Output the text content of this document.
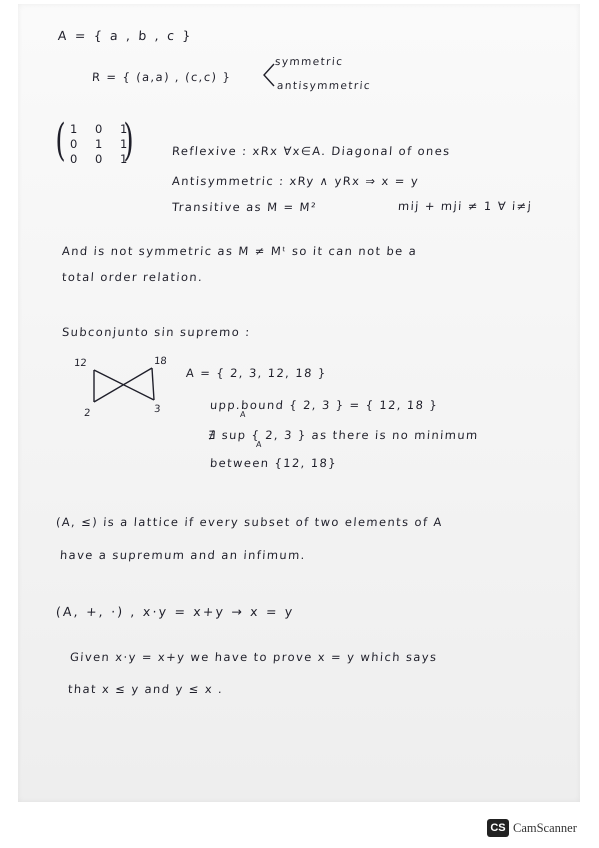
A = { a , b , c }
R = { (a,a) , (c,c) }
symmetric
antisymmetric
( 1 0 1
0 1 1
0 0 1
)	Reflexive : xRx ∀x∈A. Diagonal of ones
Antisymmetric : xRy ∧ yRx ⇒ x = y
Transitive as M = M²	mij + mji ≠ 1 ∀ i≠j
And is not symmetric as M ≠ Mᵗ so it can not be a
total order relation.
Subconjunto sin supremo :
12	18
2	3
A = { 2, 3, 12, 18 }
upp.bound { 2, 3 } = { 12, 18 }
A
∄ sup { 2, 3 } as there is no minimum
A
between {12, 18}
(A, ≤) is a lattice if every subset of two elements of A
have a supremum and an infimum.
(A, +, ·) , x·y = x+y → x = y
Given x·y = x+y we have to prove x = y which says
that x ≤ y and y ≤ x .
CS CamScanner
